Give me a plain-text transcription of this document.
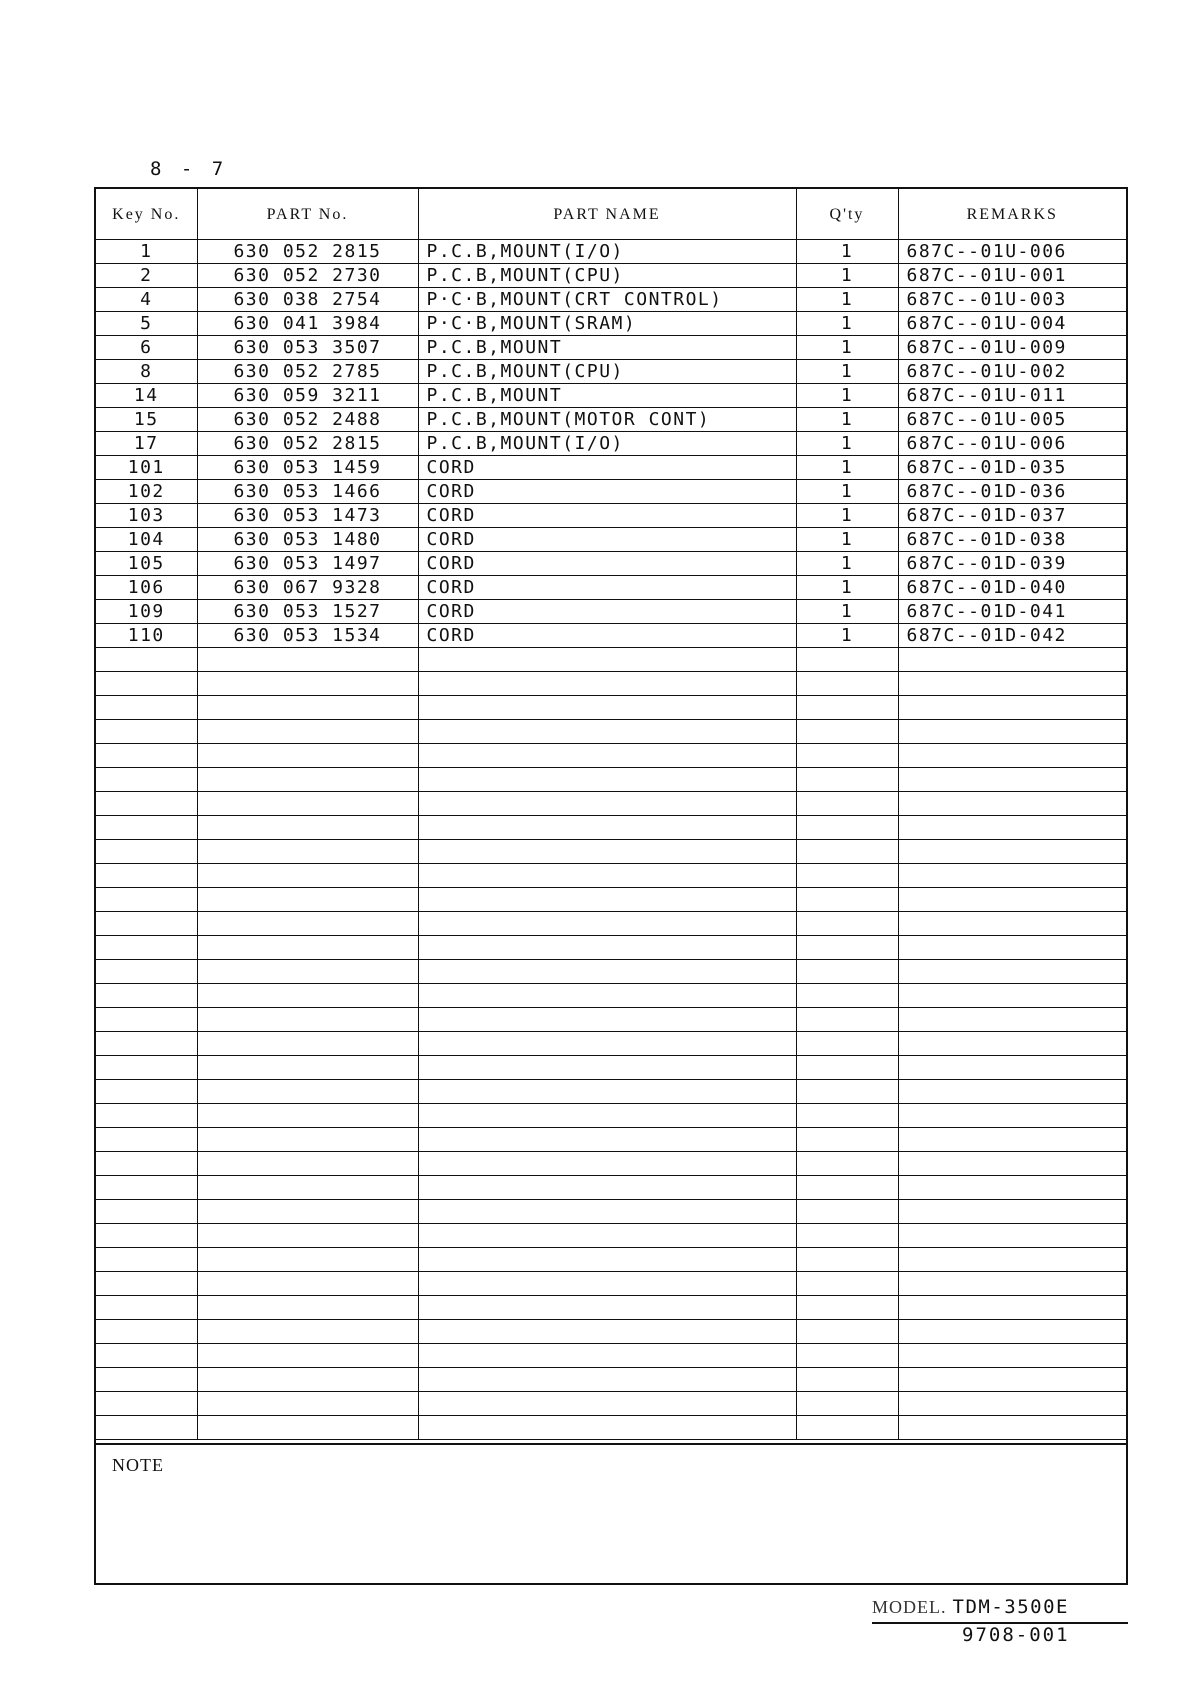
8 - 7
Key No.	PART No.	PART NAME	Q'ty	REMARKS
1	630 052 2815	P.C.B,MOUNT(I/O)	1	687C--01U-006
2	630 052 2730	P.C.B,MOUNT(CPU)	1	687C--01U-001
4	630 038 2754	P·C·B,MOUNT(CRT CONTROL)	1	687C--01U-003
5	630 041 3984	P·C·B,MOUNT(SRAM)	1	687C--01U-004
6	630 053 3507	P.C.B,MOUNT	1	687C--01U-009
8	630 052 2785	P.C.B,MOUNT(CPU)	1	687C--01U-002
14	630 059 3211	P.C.B,MOUNT	1	687C--01U-011
15	630 052 2488	P.C.B,MOUNT(MOTOR CONT)	1	687C--01U-005
17	630 052 2815	P.C.B,MOUNT(I/O)	1	687C--01U-006
101	630 053 1459	CORD	1	687C--01D-035
102	630 053 1466	CORD	1	687C--01D-036
103	630 053 1473	CORD	1	687C--01D-037
104	630 053 1480	CORD	1	687C--01D-038
105	630 053 1497	CORD	1	687C--01D-039
106	630 067 9328	CORD	1	687C--01D-040
109	630 053 1527	CORD	1	687C--01D-041
110	630 053 1534	CORD	1	687C--01D-042

NOTE
MODEL. TDM-3500E
9708-001
